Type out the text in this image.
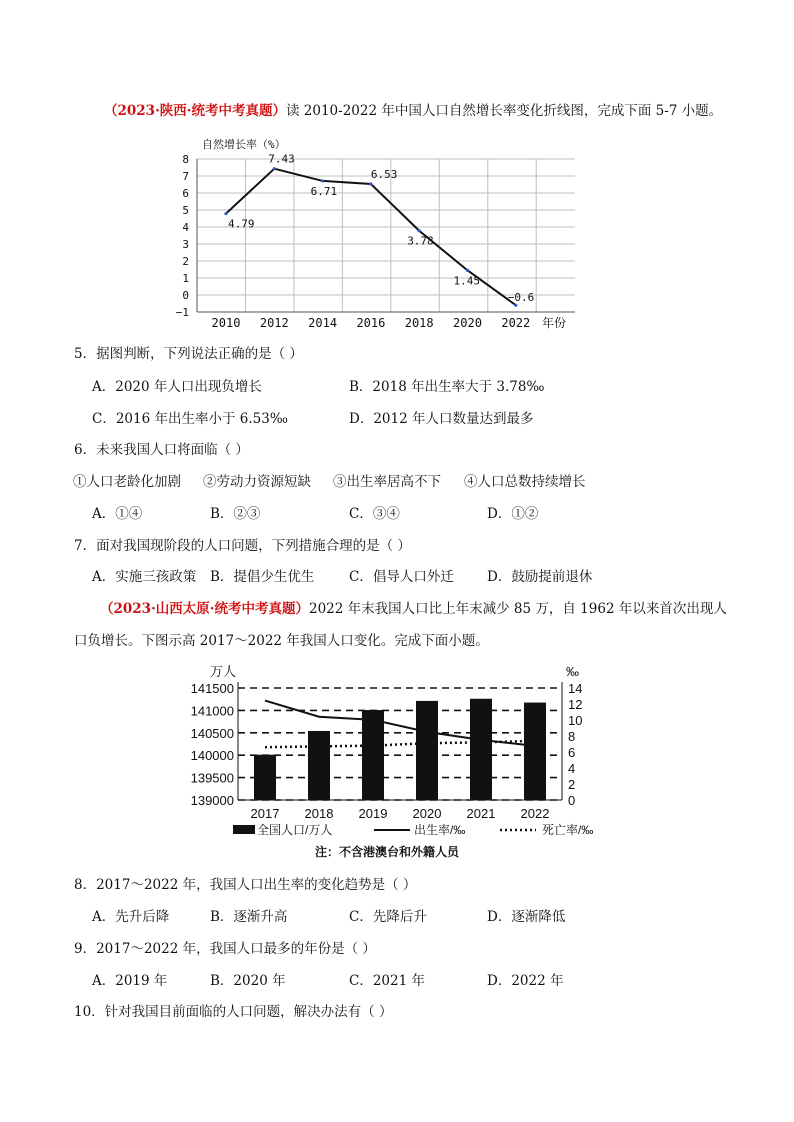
（2023·陕西·统考中考真题）读 2010-2022 年中国人口自然增长率变化折线图，完成下面 5-7 小题。
自然增长率（%）
年份
8
7
6
5
4
3
2
1
0
−1
2010 2012 2014 2016 2018 2020 2022
4.79
7.43
6.71
6.53
3.78
1.45
−0.6
5．据图判断，下列说法正确的是（ ）
A．2020 年人口出现负增长	B．2018 年出生率大于 3.78‰
C．2016 年出生率小于 6.53‰	D．2012 年人口数量达到最多
6．未来我国人口将面临（ ）
①人口老龄化加剧 ②劳动力资源短缺 ③出生率居高不下 ④人口总数持续增长
A．①④	B．②③	C．③④	D．①②
7．面对我国现阶段的人口问题，下列措施合理的是（ ）
A．实施三孩政策 B．提倡少生优生	C．倡导人口外迁 D．鼓励提前退休
（2023·山西太原·统考中考真题）2022 年末我国人口比上年末减少 85 万，自 1962 年以来首次出现人
口负增长。下图示高 2017～2022 年我国人口变化。完成下面小题。
万人	‰
141500
141000
140500
140000
139500
139000
14
12
10
8
6
4
2
0
2017 2018 2019 2020 2021 2022
全国人口/万人	出生率/‰	死亡率/‰
注：不含港澳台和外籍人员
8．2017～2022 年，我国人口出生率的变化趋势是（ ）
A．先升后降	B．逐渐升高	C．先降后升	D．逐渐降低
9．2017～2022 年，我国人口最多的年份是（ ）
A．2019 年	B．2020 年	C．2021 年	D．2022 年
10．针对我国目前面临的人口问题，解决办法有（ ）
